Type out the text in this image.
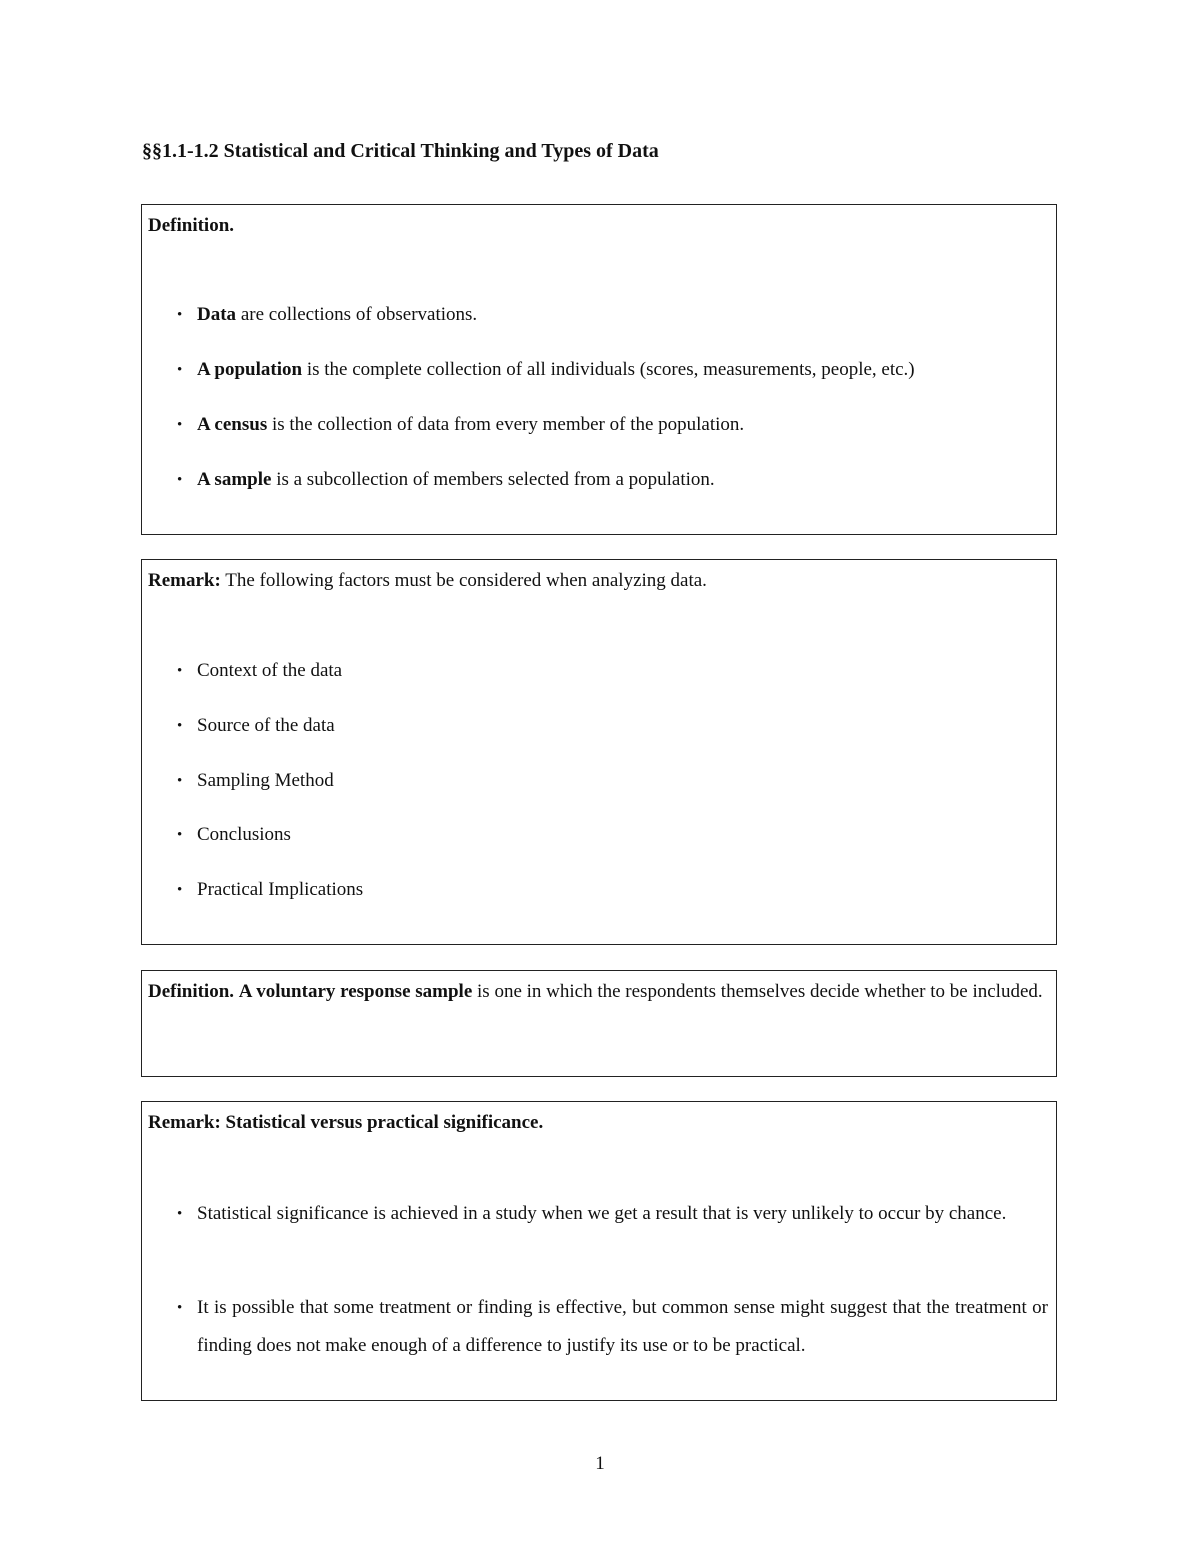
§§1.1-1.2 Statistical and Critical Thinking and Types of Data
Definition.
• Data are collections of observations.
• A population is the complete collection of all individuals (scores, measurements, people, etc.)
• A census is the collection of data from every member of the population.
• A sample is a subcollection of members selected from a population.
Remark: The following factors must be considered when analyzing data.
• Context of the data
• Source of the data
• Sampling Method
• Conclusions
• Practical Implications
Definition. A voluntary response sample is one in which the respondents themselves decide whether to be included.
Remark: Statistical versus practical significance.
• Statistical significance is achieved in a study when we get a result that is very unlikely to occur by chance.
• It is possible that some treatment or finding is effective, but common sense might suggest that the treatment or finding does not make enough of a difference to justify its use or to be practical.
1
